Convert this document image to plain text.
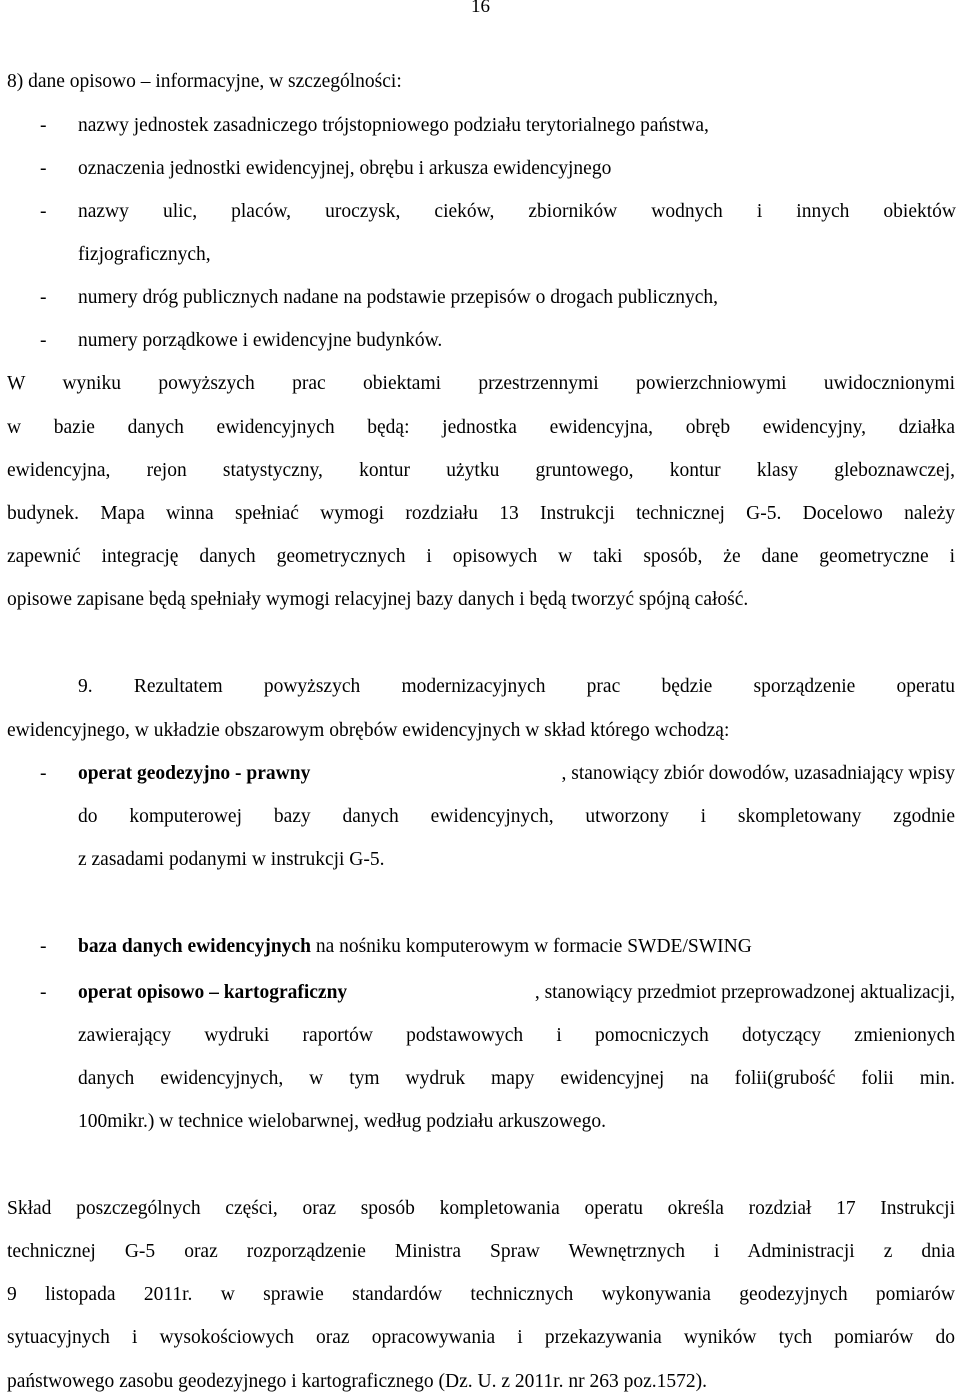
16
8) dane opisowo – informacyjne, w szczególności:
- nazwy jednostek zasadniczego trójstopniowego podziału terytorialnego państwa,
- oznaczenia jednostki ewidencyjnej, obrębu i arkusza ewidencyjnego
- nazwy ulic, placów, uroczysk, cieków, zbiorników wodnych i innych obiektów
fizjograficznych,
- numery dróg publicznych nadane na podstawie przepisów o drogach publicznych,
- numery porządkowe i ewidencyjne budynków.
W wyniku powyższych prac obiektami przestrzennymi powierzchniowymi uwidocznionymi
w bazie danych ewidencyjnych będą: jednostka ewidencyjna, obręb ewidencyjny, działka
ewidencyjna, rejon statystyczny, kontur użytku gruntowego, kontur klasy gleboznawczej,
budynek. Mapa winna spełniać wymogi rozdziału 13 Instrukcji technicznej G-5. Docelowo należy
zapewnić integrację danych geometrycznych i opisowych w taki sposób, że dane geometryczne i
opisowe zapisane będą spełniały wymogi relacyjnej bazy danych i będą tworzyć spójną całość.
9. Rezultatem powyższych modernizacyjnych prac będzie sporządzenie operatu
ewidencyjnego, w układzie obszarowym obrębów ewidencyjnych w skład którego wchodzą:
- operat geodezyjno - prawny	, stanowiący zbiór dowodów, uzasadniający wpisy
do komputerowej bazy danych ewidencyjnych, utworzony i skompletowany zgodnie
z zasadami podanymi w instrukcji G-5.
- baza danych ewidencyjnych na nośniku komputerowym w formacie SWDE/SWING
- operat opisowo – kartograficzny	, stanowiący przedmiot przeprowadzonej aktualizacji,
zawierający wydruki raportów podstawowych i pomocniczych dotyczący zmienionych
danych ewidencyjnych, w tym wydruk mapy ewidencyjnej na folii(grubość folii min.
100mikr.) w technice wielobarwnej, według podziału arkuszowego.
Skład poszczególnych części, oraz sposób kompletowania operatu określa rozdział 17 Instrukcji
technicznej G-5 oraz rozporządzenie Ministra Spraw Wewnętrznych i Administracji z dnia
9 listopada 2011r. w sprawie standardów technicznych wykonywania geodezyjnych pomiarów
sytuacyjnych i wysokościowych oraz opracowywania i przekazywania wyników tych pomiarów do
państwowego zasobu geodezyjnego i kartograficznego (Dz. U. z 2011r. nr 263 poz.1572).
